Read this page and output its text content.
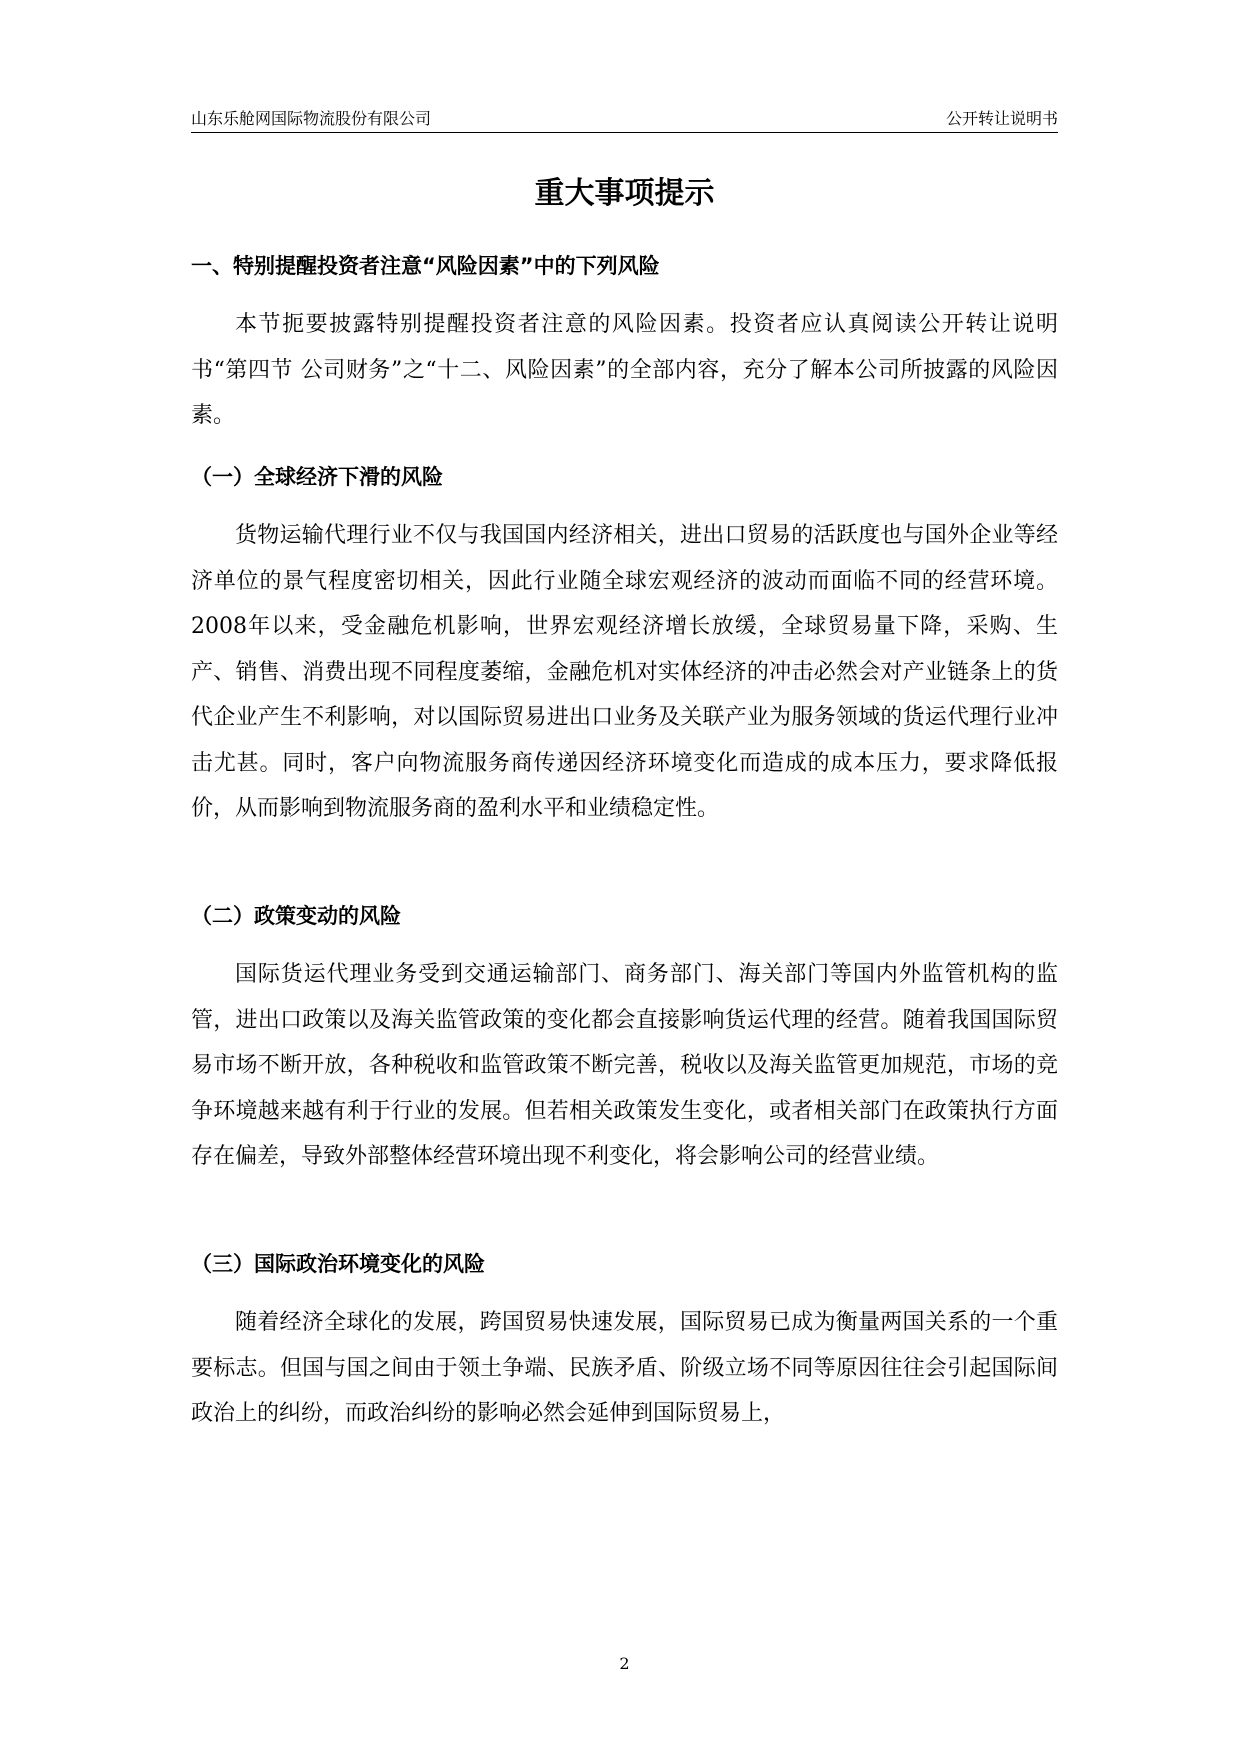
山东乐舱网国际物流股份有限公司	公开转让说明书
重大事项提示
一、特别提醒投资者注意“风险因素”中的下列风险

本节扼要披露特别提醒投资者注意的风险因素。投资者应认真阅读公开转让说明书“第四节 公司财务”之“十二、风险因素”的全部内容，充分了解本公司所披露的风险因素。

（一）全球经济下滑的风险

货物运输代理行业不仅与我国国内经济相关，进出口贸易的活跃度也与国外企业等经济单位的景气程度密切相关，因此行业随全球宏观经济的波动而面临不同的经营环境。2008年以来，受金融危机影响，世界宏观经济增长放缓，全球贸易量下降，采购、生产、销售、消费出现不同程度萎缩，金融危机对实体经济的冲击必然会对产业链条上的货代企业产生不利影响，对以国际贸易进出口业务及关联产业为服务领域的货运代理行业冲击尤甚。同时，客户向物流服务商传递因经济环境变化而造成的成本压力，要求降低报价，从而影响到物流服务商的盈利水平和业绩稳定性。

（二）政策变动的风险

国际货运代理业务受到交通运输部门、商务部门、海关部门等国内外监管机构的监管，进出口政策以及海关监管政策的变化都会直接影响货运代理的经营。随着我国国际贸易市场不断开放，各种税收和监管政策不断完善，税收以及海关监管更加规范，市场的竞争环境越来越有利于行业的发展。但若相关政策发生变化，或者相关部门在政策执行方面存在偏差，导致外部整体经营环境出现不利变化，将会影响公司的经营业绩。

（三）国际政治环境变化的风险

随着经济全球化的发展，跨国贸易快速发展，国际贸易已成为衡量两国关系的一个重要标志。但国与国之间由于领土争端、民族矛盾、阶级立场不同等原因往往会引起国际间政治上的纠纷，而政治纠纷的影响必然会延伸到国际贸易上，

2
